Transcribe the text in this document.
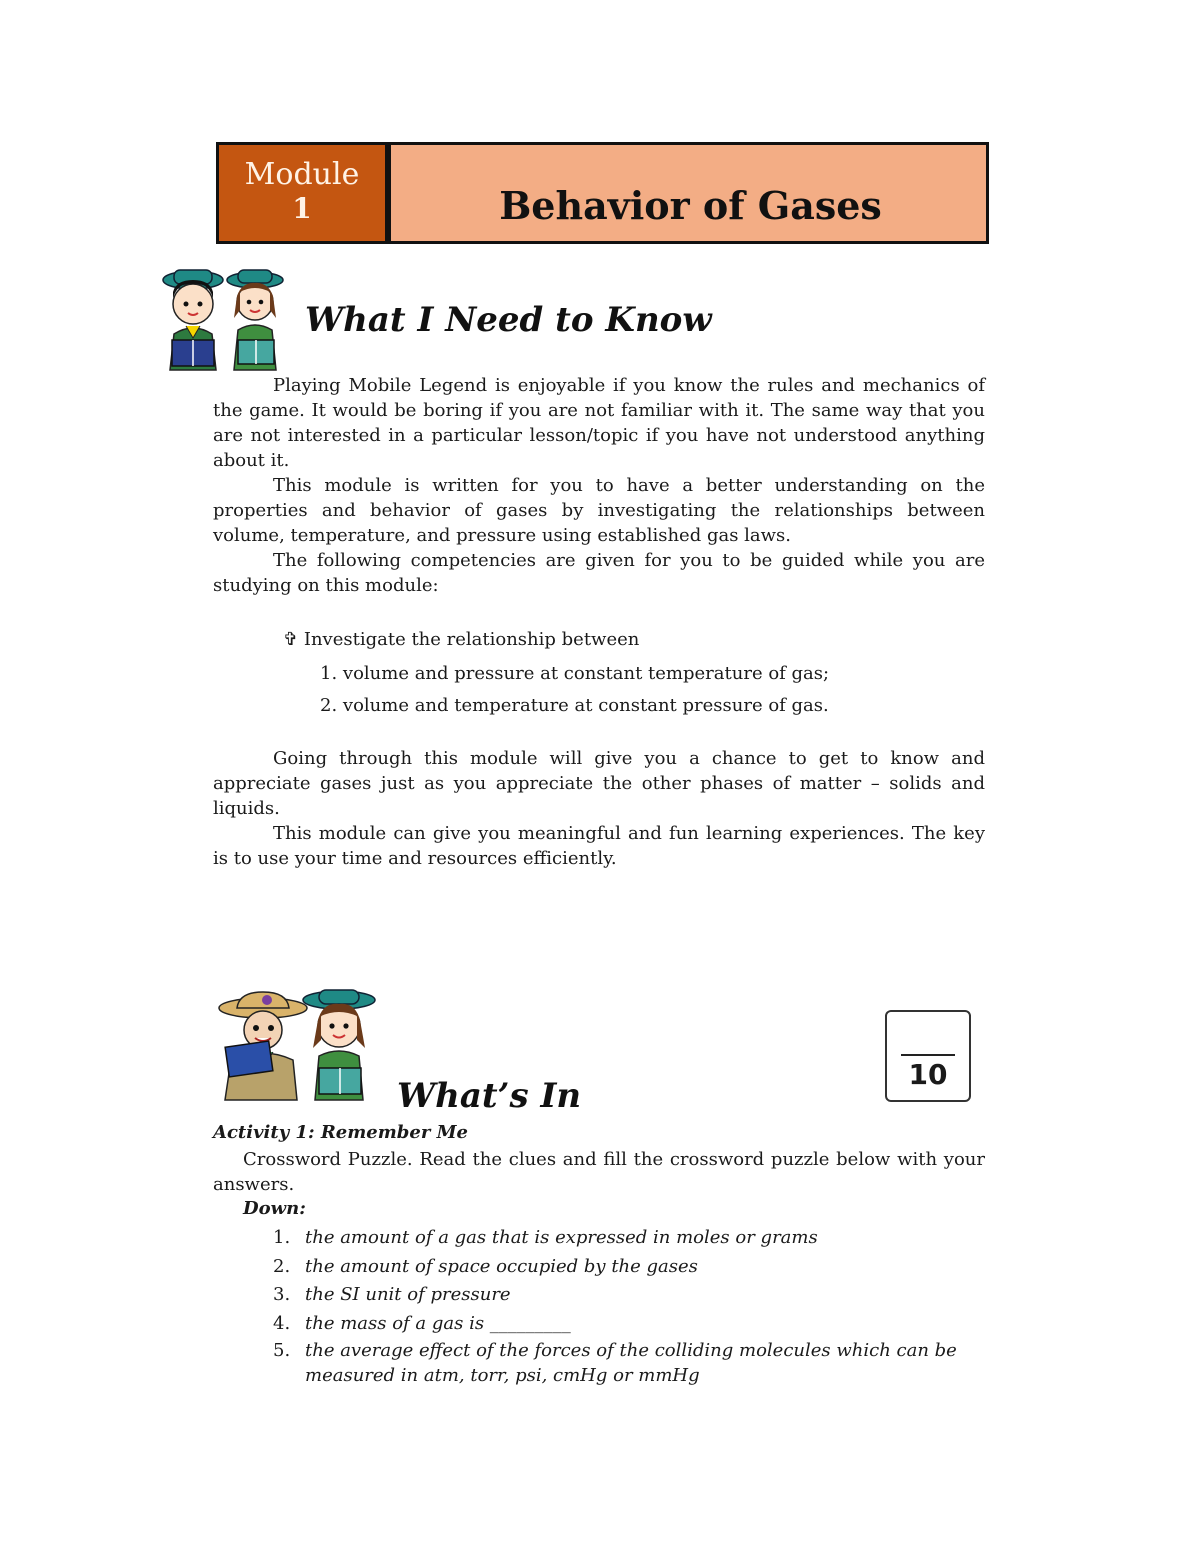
Module
1	Behavior of Gases
What I Need to Know

Playing Mobile Legend is enjoyable if you know the rules and mechanics of the game. It would be boring if you are not familiar with it. The same way that you are not interested in a particular lesson/topic if you have not understood anything about it.

This module is written for you to have a better understanding on the properties and behavior of gases by investigating the relationships between volume, temperature, and pressure using established gas laws.

The following competencies are given for you to be guided while you are studying on this module:

✞ Investigate the relationship between
1. volume and pressure at constant temperature of gas;
2. volume and temperature at constant pressure of gas.

Going through this module will give you a chance to get to know and appreciate gases just as you appreciate the other phases of matter – solids and liquids.

This module can give you meaningful and fun learning experiences. The key is to use your time and resources efficiently.

10
What’s In
Activity 1: Remember Me

Crossword Puzzle. Read the clues and fill the crossword puzzle below with your answers.

Down:
1. the amount of a gas that is expressed in moles or grams
2. the amount of space occupied by the gases
3. the SI unit of pressure
4. the mass of a gas is _________
5. the average effect of the forces of the colliding molecules which can be measured in atm, torr, psi, cmHg or mmHg
